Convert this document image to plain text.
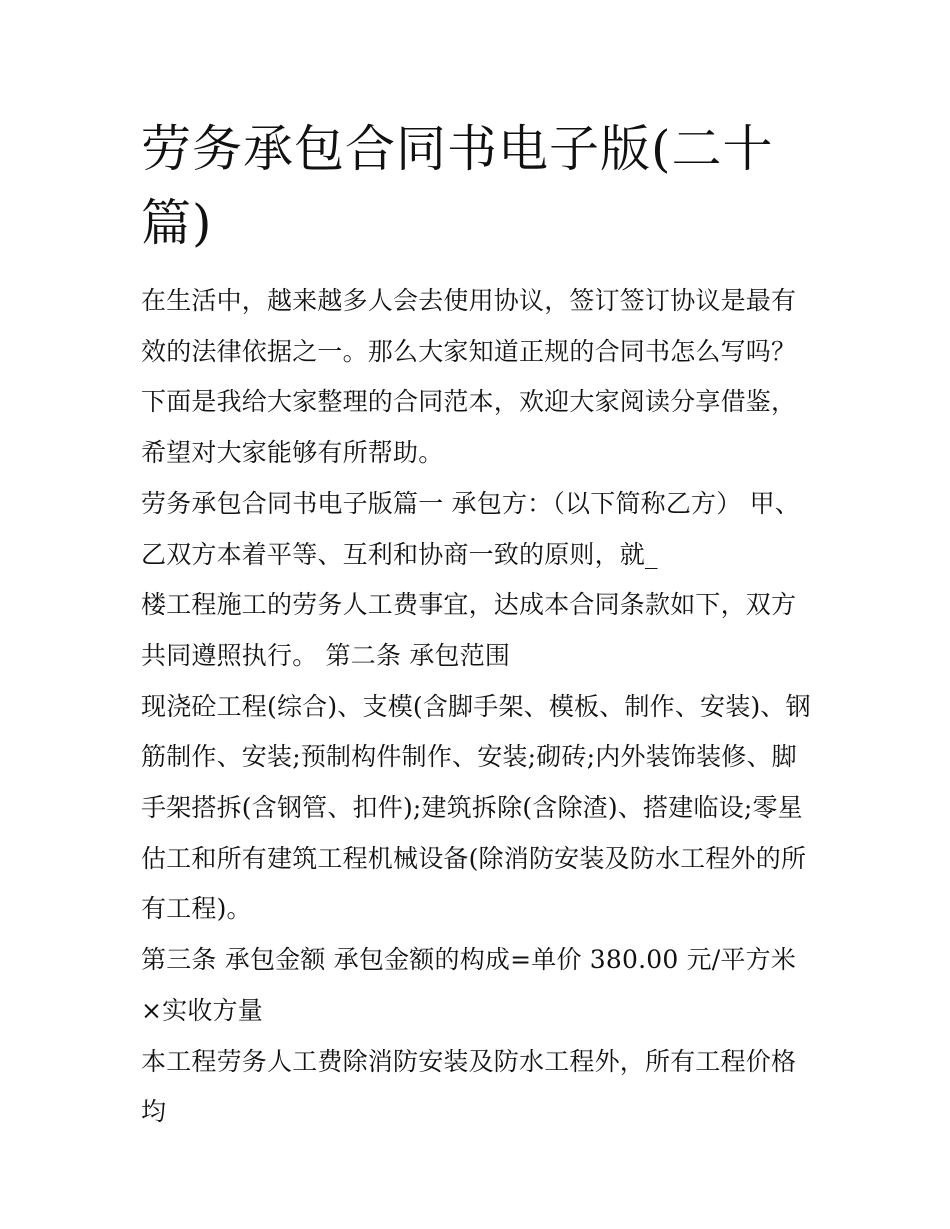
劳务承包合同书电子版(二十篇)

在生活中，越来越多人会去使用协议，签订签订协议是最有效的法律依据之一。那么大家知道正规的合同书怎么写吗？下面是我给大家整理的合同范本，欢迎大家阅读分享借鉴，希望对大家能够有所帮助。

劳务承包合同书电子版篇一 承包方：（以下简称乙方） 甲、乙双方本着平等、互利和协商一致的原则，就_

楼工程施工的劳务人工费事宜，达成本合同条款如下，双方共同遵照执行。 第二条 承包范围

现浇砼工程(综合)、支模(含脚手架、模板、制作、安装)、钢筋制作、安装;预制构件制作、安装;砌砖;内外装饰装修、脚手架搭拆(含钢管、扣件);建筑拆除(含除渣)、搭建临设;零星估工和所有建筑工程机械设备(除消防安装及防水工程外的所有工程)。

第三条 承包金额 承包金额的构成=单价 380.00 元/平方米×实收方量

本工程劳务人工费除消防安装及防水工程外，所有工程价格均
